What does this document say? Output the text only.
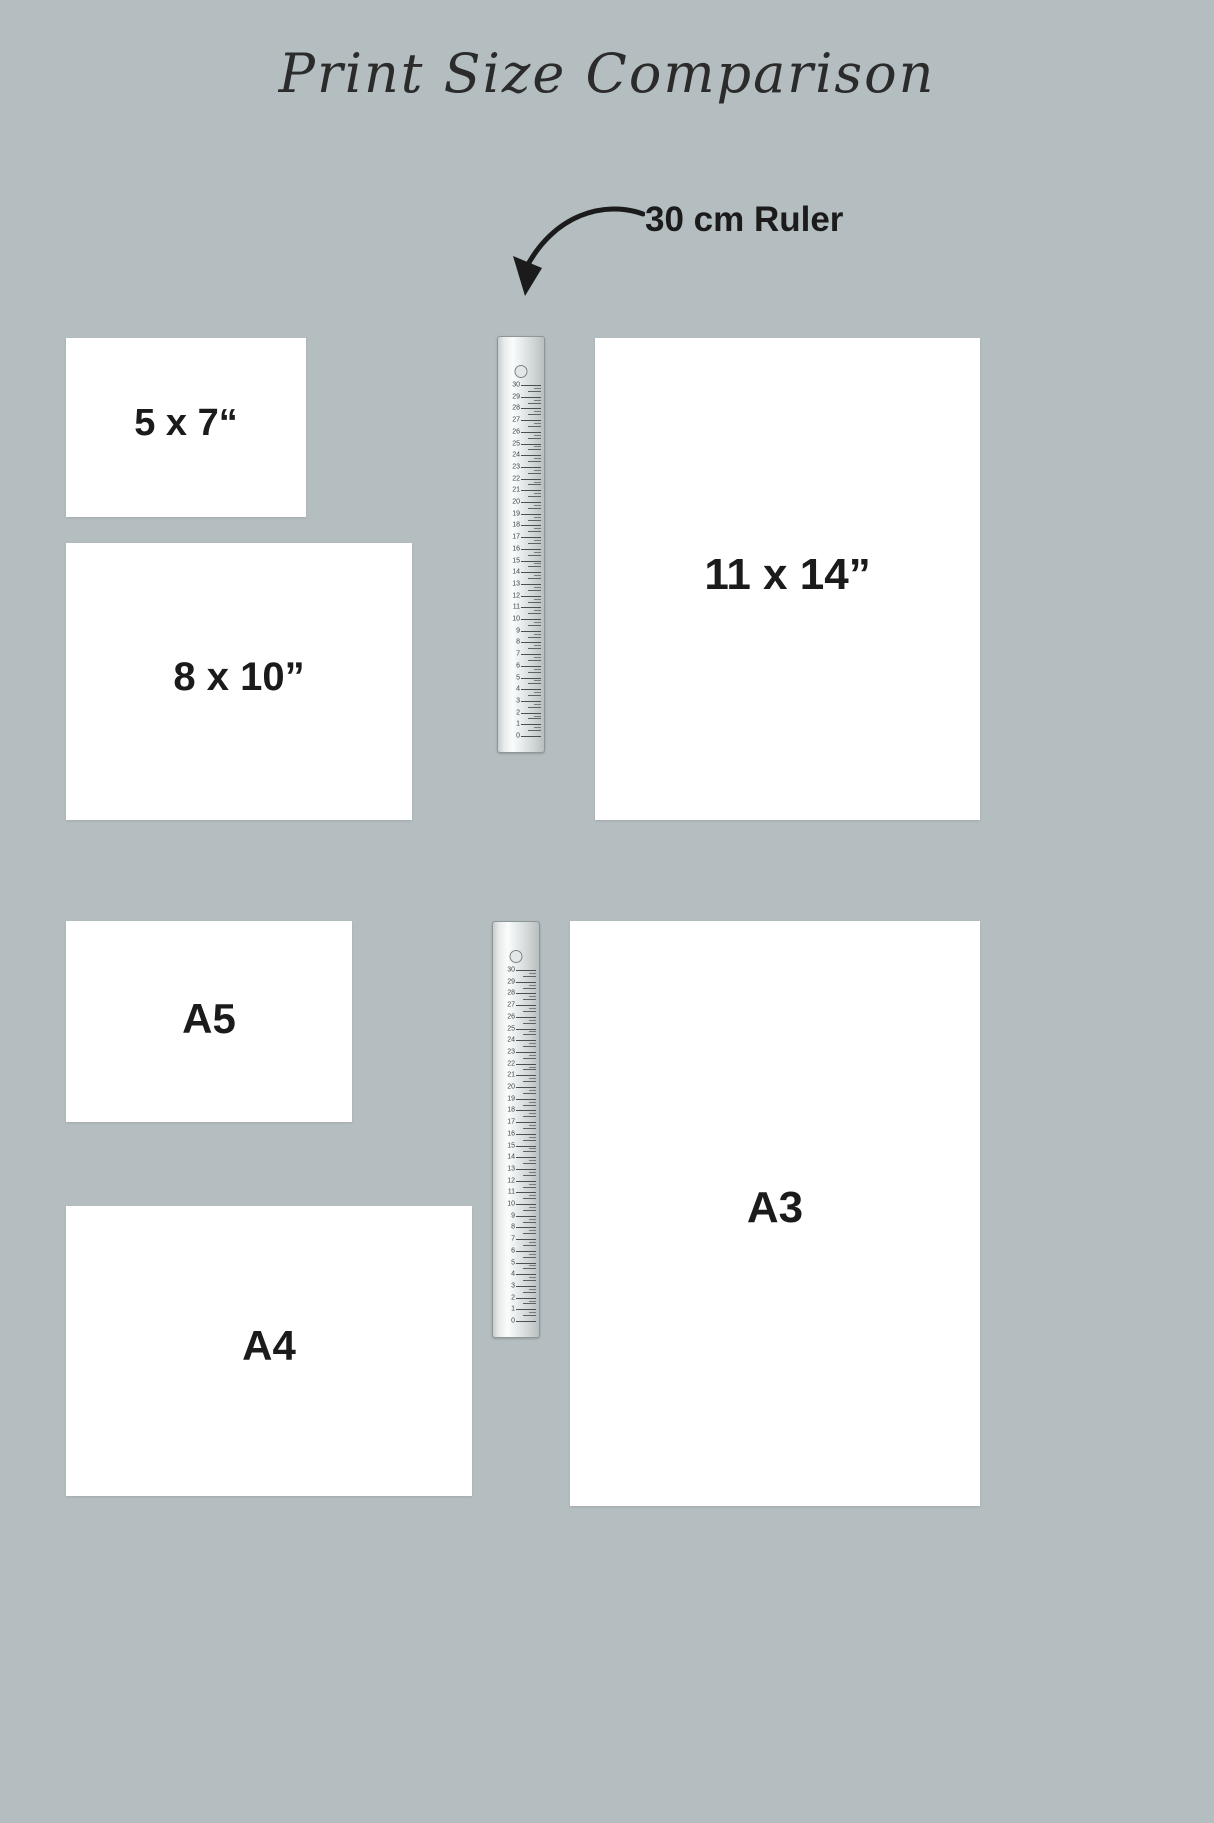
Print Size Comparison
30 cm Ruler
30
29
28
27
26
25
24
23
22
21
20
19
18
17
16
15
14
13
12
11
10
9
8
7
6
5
4
3
2
1
0
30
29
28
27
26
25
24
23
22
21
20
19
18
17
16
15
14
13
12
11
10
9
8
7
6
5
4
3
2
1
0
5 x 7“
8 x 10”
11 x 14”
A5
A4
A3
